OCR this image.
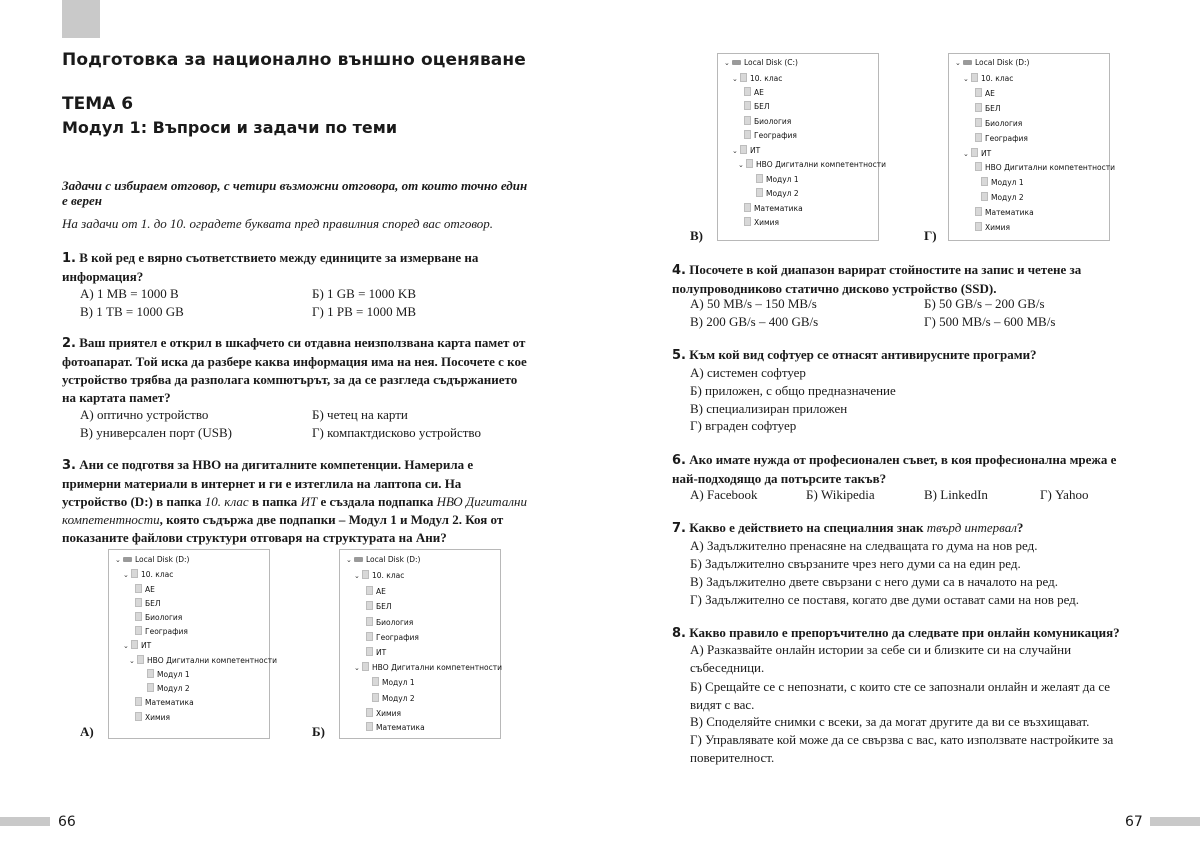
Подготовка за национално външно оценяване
ТЕМА 6
Модул 1: Въпроси и задачи по теми
Задачи с избираем отговор, с четири възможни отговора, от които точно един е верен
На задачи от 1. до 10. оградете буквата пред правилния според вас отговор.
1. В кой ред е вярно съответствието между единиците за измерване на информация?
А) 1 MB = 1000 B	Б) 1 GB = 1000 KB
В) 1 TB = 1000 GB	Г) 1 PB = 1000 MB
2. Ваш приятел е открил в шкафчето си отдавна неизползвана карта памет от фотоапарат. Той иска да разбере каква информация има на нея. Посочете с кое устройство трябва да разполага компютърът, за да се разгледа съдържанието на картата памет?
А) оптично устройство	Б) четец на карти
В) универсален порт (USB)	Г) компактдисково устройство
3. Ани се подготвя за НВО на дигиталните компетенции. Намерила е примерни материали в интернет и ги е изтеглила на лаптопа си. На устройство (D:) в папка 10. клас в папка ИТ е създала подпапка НВО Дигитални компетентности, която съдържа две подпапки – Модул 1 и Модул 2. Коя от показаните файлови структури отговаря на структурата на Ани?
⌄ Local Disk (D:)
⌄ 10. клас
АЕ
БЕЛ
Биология
География
⌄ ИТ
⌄ НВО Дигитални компетентности
Модул 1
Модул 2
Математика
Химия
А)
⌄ Local Disk (D:)
⌄ 10. клас
АЕ
БЕЛ
Биология
География
ИТ
⌄ НВО Дигитални компетентности
Модул 1
Модул 2
Химия
Математика
Б)
66
⌄ Local Disk (C:)
⌄ 10. клас
АЕ
БЕЛ
Биология
География
⌄ ИТ
⌄ НВО Дигитални компетентности
Модул 1
Модул 2
Математика
Химия
В)
⌄ Local Disk (D:)
⌄ 10. клас
АЕ
БЕЛ
Биология
География
⌄ ИТ
НВО Дигитални компетентности
Модул 1
Модул 2
Математика
Химия
Г)
4. Посочете в кой диапазон варират стойностите на запис и четене за полупроводниково статично дисково устройство (SSD).
А) 50 MB/s – 150 MB/s	Б) 50 GB/s – 200 GB/s
В) 200 GB/s – 400 GB/s	Г) 500 MB/s – 600 MB/s
5. Към кой вид софтуер се отнасят антивирусните програми?
А) системен софтуер
Б) приложен, с общо предназначение
В) специализиран приложен
Г) вграден софтуер
6. Ако имате нужда от професионален съвет, в коя професионална мрежа е най-подходящо да потърсите такъв?
А) Facebook	Б) Wikipedia	В) LinkedIn	Г) Yahoo
7. Какво е действието на специалния знак твърд интервал?
А) Задължително пренасяне на следващата го дума на нов ред.
Б) Задължително свързаните чрез него думи са на един ред.
В) Задължително двете свързани с него думи са в началото на ред.
Г) Задължително се поставя, когато две думи остават сами на нов ред.
8. Какво правило е препоръчително да следвате при онлайн комуникация?
А) Разказвайте онлайн истории за себе си и близките си на случайни събеседници.
Б) Срещайте се с непознати, с които сте се запознали онлайн и желаят да се видят с вас.
В) Споделяйте снимки с всеки, за да могат другите да ви се възхищават.
Г) Управлявате кой може да се свързва с вас, като използвате настройките за поверителност.
67
